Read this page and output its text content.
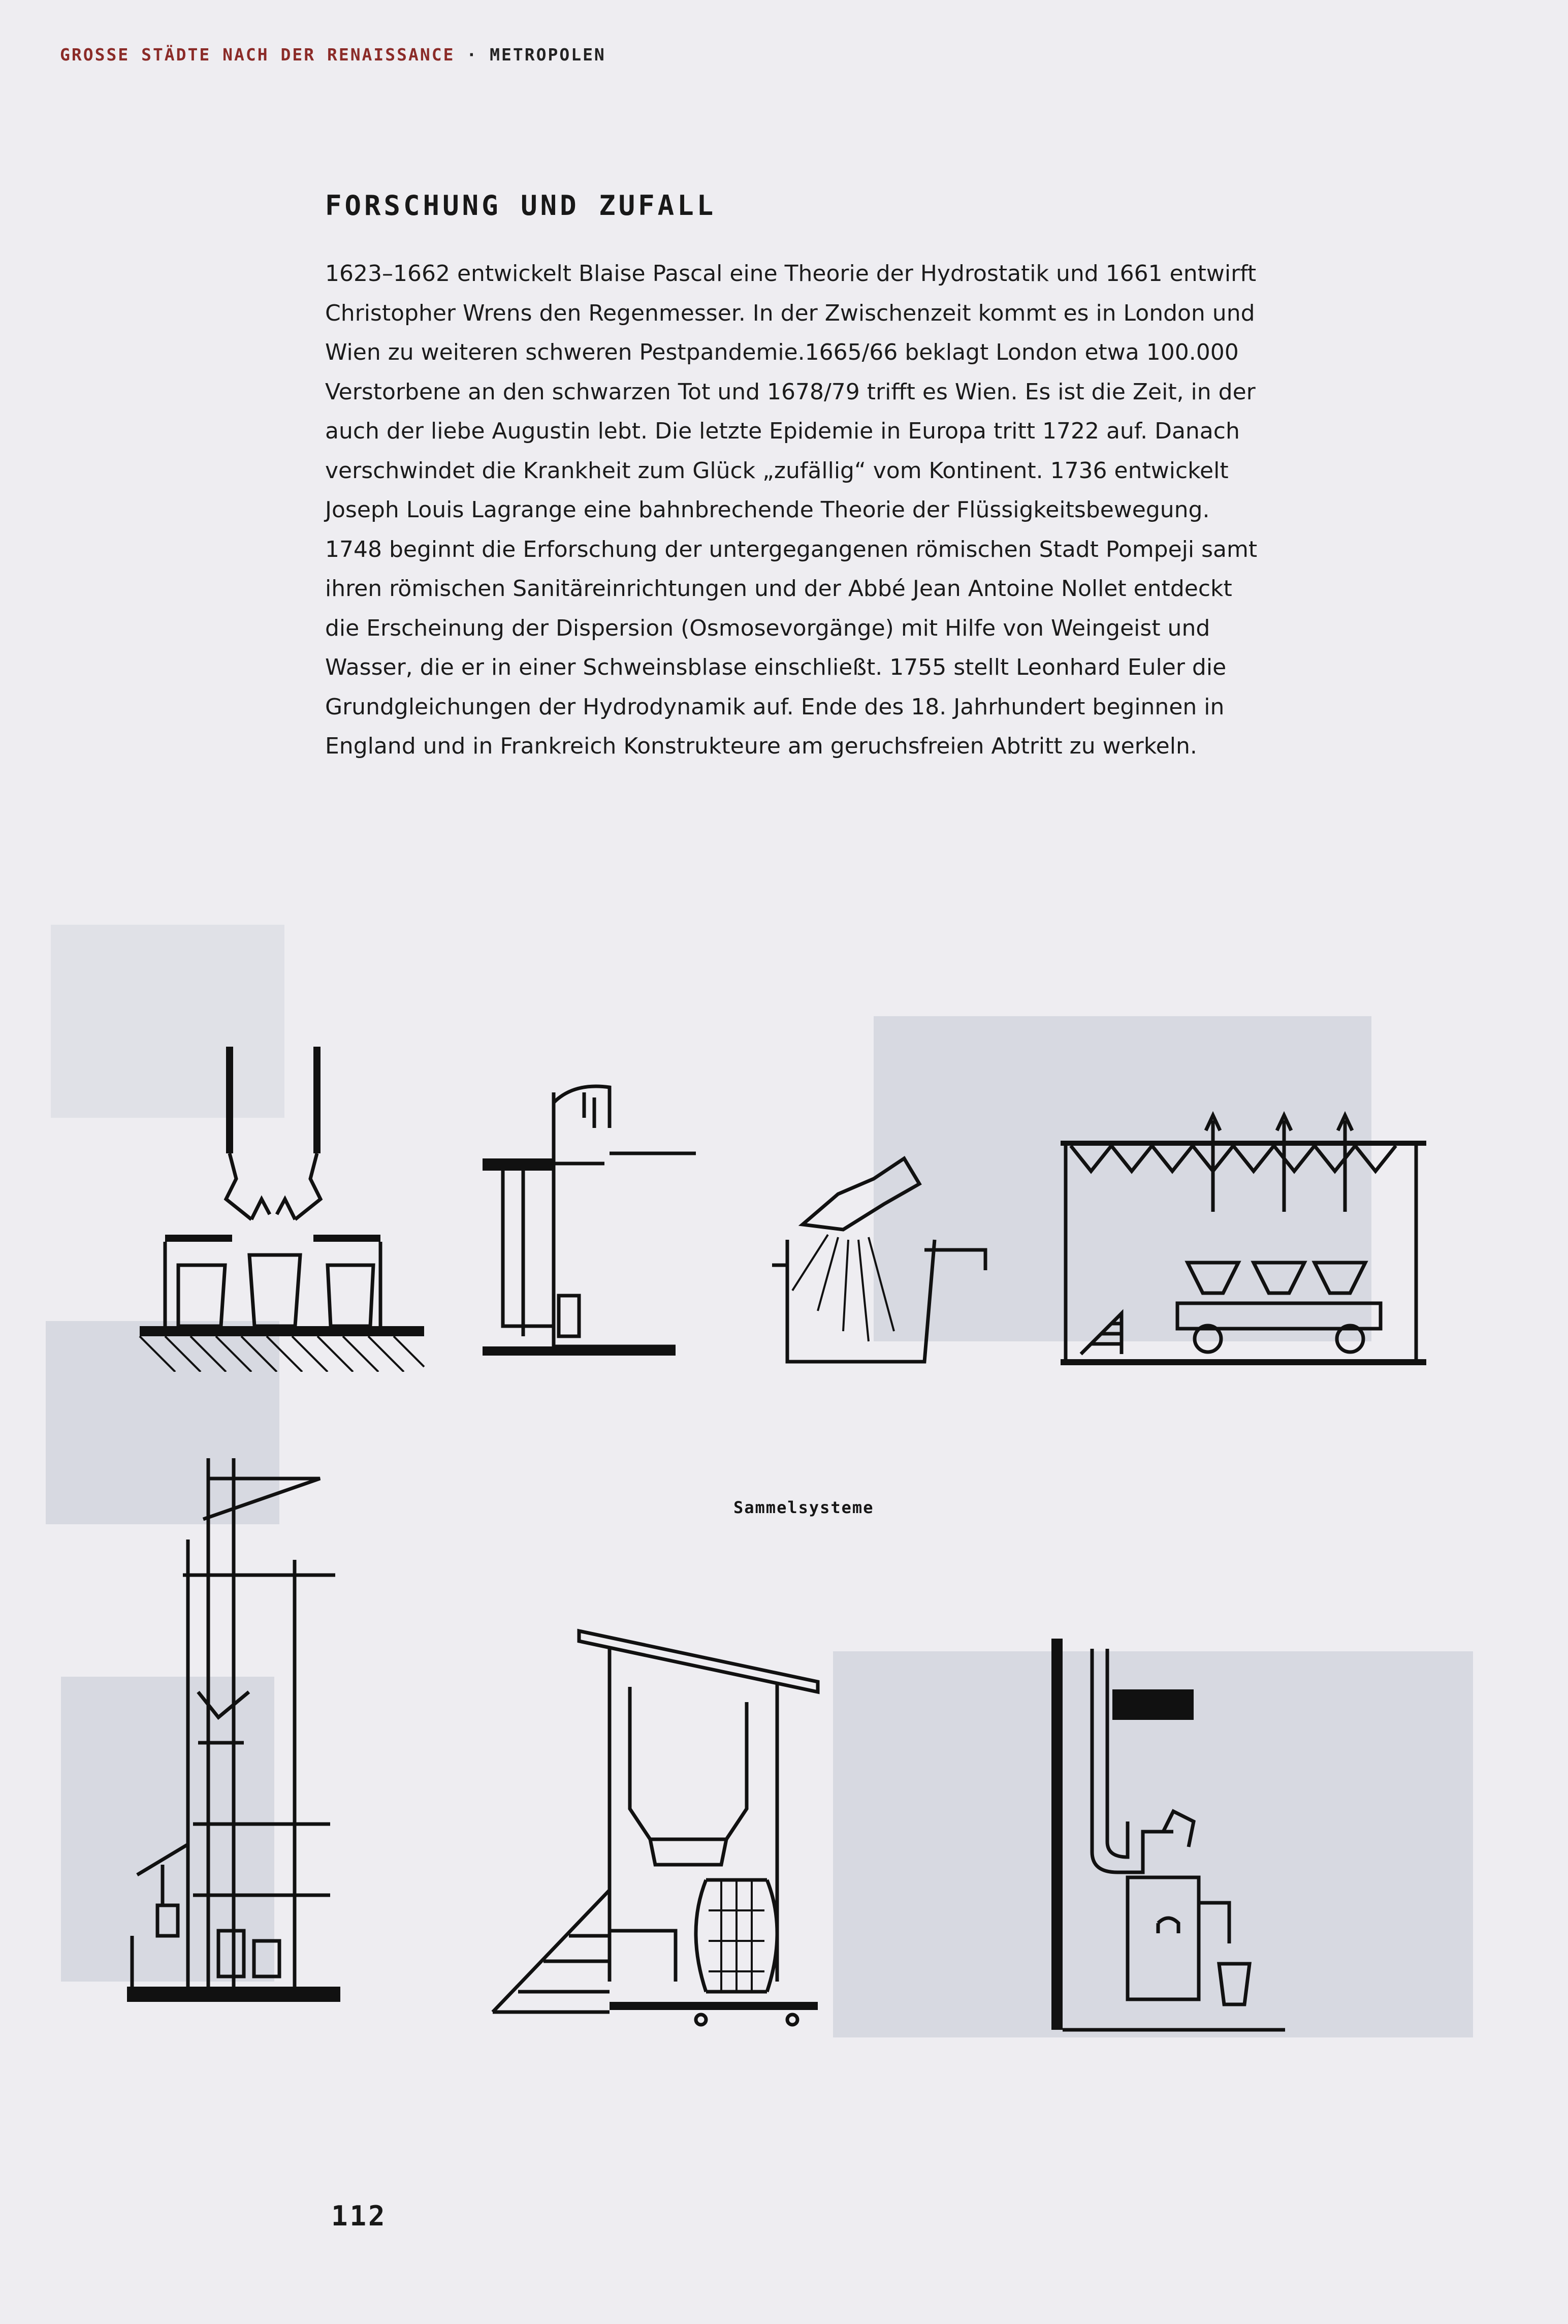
GROSSE STÄDTE NACH DER RENAISSANCE · METROPOLEN

FORSCHUNG UND ZUFALL

1623–1662 entwickelt Blaise Pascal eine Theorie der Hydrostatik und 1661 entwirft
Christopher Wrens den Regenmesser. In der Zwischenzeit kommt es in London und
Wien zu weiteren schweren Pestpandemie.1665/66 beklagt London etwa 100.000
Verstorbene an den schwarzen Tot und 1678/79 trifft es Wien. Es ist die Zeit, in der
auch der liebe Augustin lebt. Die letzte Epidemie in Europa tritt 1722 auf. Danach
verschwindet die Krankheit zum Glück „zufällig“ vom Kontinent. 1736 entwickelt
Joseph Louis Lagrange eine bahnbrechende Theorie der Flüssigkeitsbewegung.
1748 beginnt die Erforschung der untergegangenen römischen Stadt Pompeji samt
ihren römischen Sanitäreinrichtungen und der Abbé Jean Antoine Nollet entdeckt
die Erscheinung der Dispersion (Osmosevorgänge) mit Hilfe von Weingeist und
Wasser, die er in einer Schweinsblase einschließt. 1755 stellt Leonhard Euler die
Grundgleichungen der Hydrodynamik auf. Ende des 18. Jahrhundert beginnen in
England und in Frankreich Konstrukteure am geruchsfreien Abtritt zu werkeln.

Sammelsysteme

112
